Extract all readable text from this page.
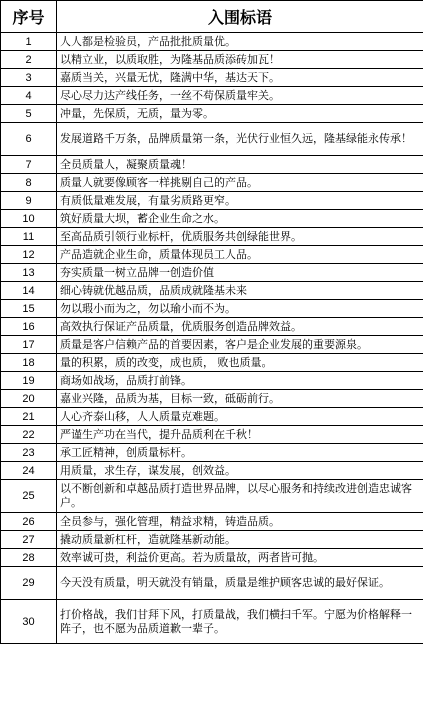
序号	入围标语
1	人人都是检验员，产品批批质量优。
2	以精立业，以质取胜，为隆基品质添砖加瓦！
3	嘉质当关，兴量无忧，隆满中华，基达天下。
4	尽心尽力达产线任务，一丝不苟保质量牢关。
5	冲量，先保质，无质，量为零。
6	发展道路千万条，品牌质量第一条，光伏行业恒久远，隆基绿能永传承！
7	全员质量人，凝聚质量魂！
8	质量人就要像顾客一样挑剔自己的产品。
9	有质低量难发展，有量劣质路更窄。
10	筑好质量大坝，蓄企业生命之水。
11	至高品质引领行业标杆，优质服务共创绿能世界。
12	产品造就企业生命，质量体现员工人品。
13	夯实质量一树立品牌一创造价值
14	细心铸就优越品质，品质成就隆基未来
15	勿以瑕小而为之，勿以瑜小而不为。
16	高效执行保证产品质量，优质服务创造品牌效益。
17	质量是客户信赖产品的首要因素，客户是企业发展的重要源泉。
18	量的积累，质的改变，成也质， 败也质量。
19	商场如战场，品质打前锋。
20	嘉业兴隆，品质为基，目标一致，砥砺前行。
21	人心齐泰山移，人人质量克难题。
22	严谨生产功在当代，提升品质利在千秋！
23	承工匠精神，创质量标杆。
24	用质量，求生存，谋发展，创效益。
25	以不断创新和卓越品质打造世界品牌，以尽心服务和持续改进创造忠诚客户。
26	全员参与，强化管理，精益求精，铸造品质。
27	撬动质量新杠杆，造就隆基新动能。
28	效率诚可贵，利益价更高。若为质量故，两者皆可抛。
29	今天没有质量，明天就没有销量，质量是维护顾客忠诚的最好保证。
30	打价格战，我们甘拜下风，打质量战，我们横扫千军。宁愿为价格解释一阵子，也不愿为品质道歉一辈子。
